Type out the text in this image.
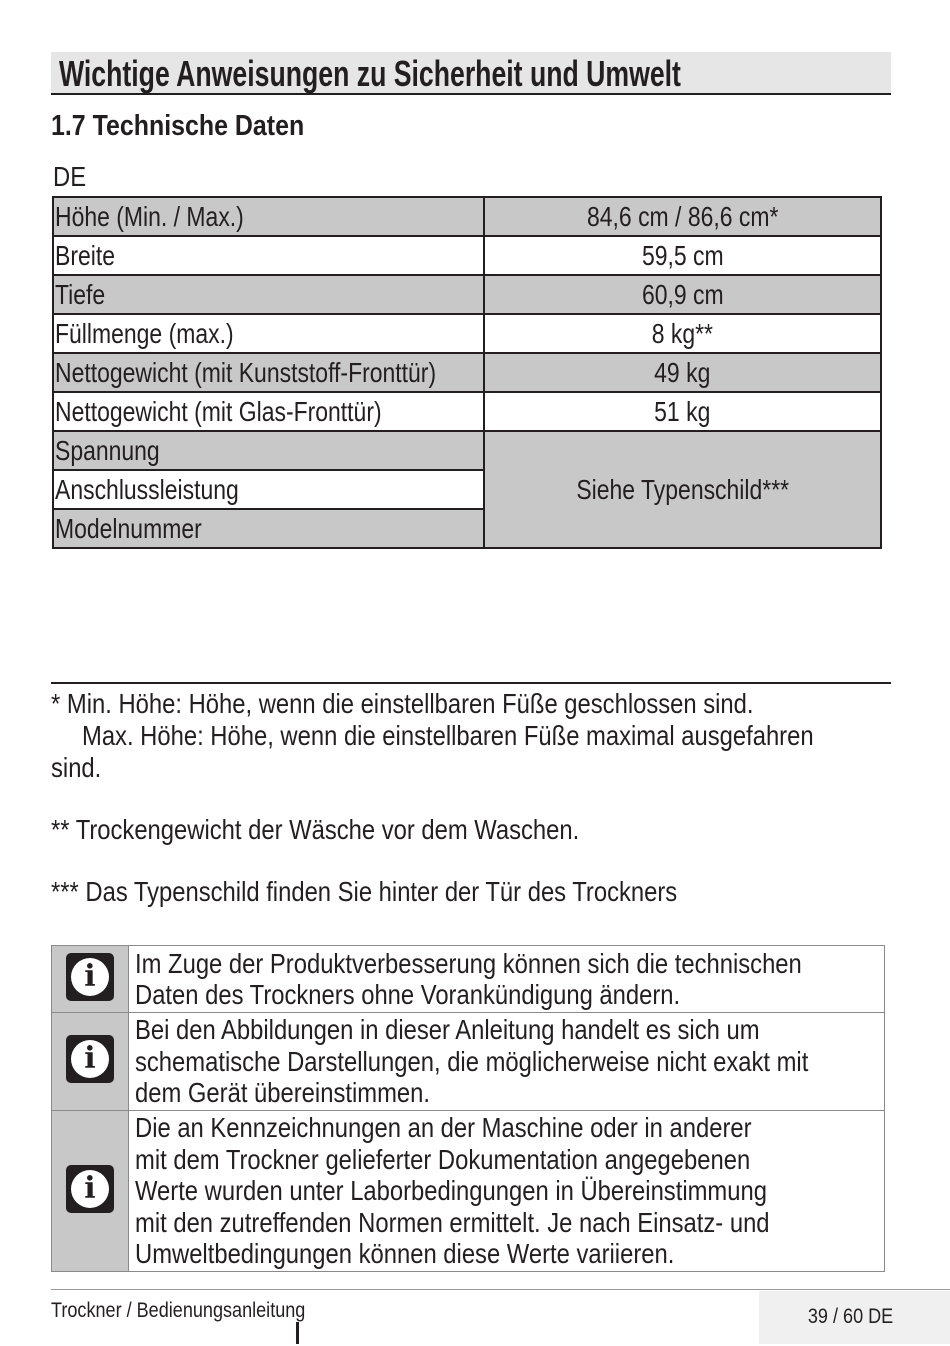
Wichtige Anweisungen zu Sicherheit und Umwelt
1.7 Technische Daten
DE
Höhe (Min. / Max.)	84,6 cm / 86,6 cm*
Breite	59,5 cm
Tiefe	60,9 cm
Füllmenge (max.)	8 kg**
Nettogewicht (mit Kunststoff-Fronttür)	49 kg
Nettogewicht (mit Glas-Fronttür)	51 kg
Spannung	Siehe Typenschild***
Anschlussleistung	
Modelnummer	
* Min. Höhe: Höhe, wenn die einstellbaren Füße geschlossen sind.
Max. Höhe: Höhe, wenn die einstellbaren Füße maximal ausgefahren
sind.
** Trockengewicht der Wäsche vor dem Waschen.
*** Das Typenschild finden Sie hinter der Tür des Trockners
i	Im Zuge der Produktverbesserung können sich die technischen
Daten des Trockners ohne Vorankündigung ändern.

i	Bei den Abbildungen in dieser Anleitung handelt es sich um
schematische Darstellungen, die möglicherweise nicht exakt mit
dem Gerät übereinstimmen.

i	Die an Kennzeichnungen an der Maschine oder in anderer
mit dem Trockner gelieferter Dokumentation angegebenen
Werte wurden unter Laborbedingungen in Übereinstimmung
mit den zutreffenden Normen ermittelt. Je nach Einsatz- und
Umweltbedingungen können diese Werte variieren.
Trockner / Bedienungsanleitung	39 / 60 DE
